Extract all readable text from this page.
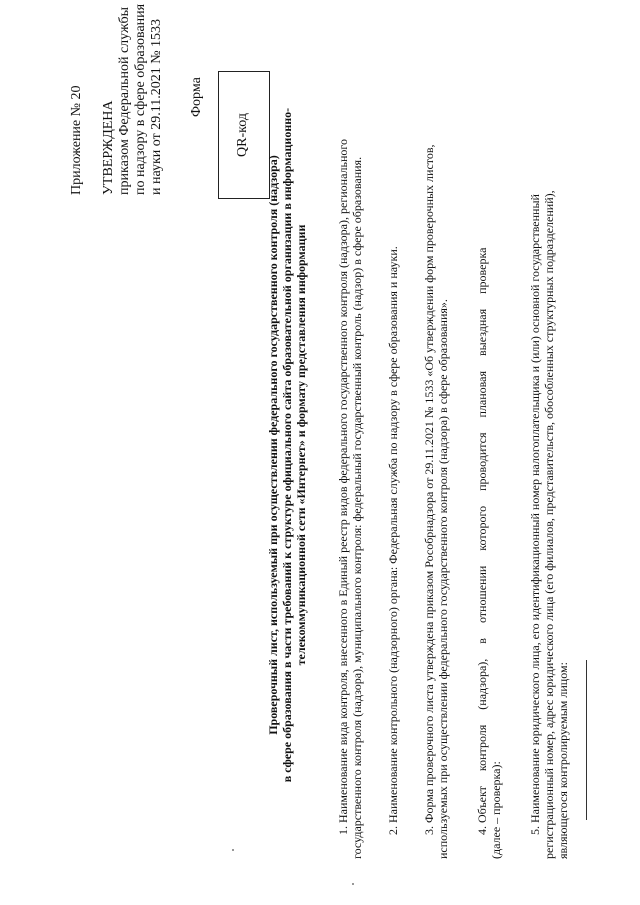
Приложение № 20 УТВЕРЖДЕНА приказом Федеральной службы по надзору в сфере образования и науки от 29.11.2021 № 1533 Форма
QR-код
Проверочный лист, используемый при осуществлении федерального государственного контроля (надзора) в сфере образования в части требований к структуре официального сайта образовательной организации в информационно- телекоммуникационной сети «Интернет» и формату представления информации 1. Наименование вида контроля, внесенного в Единый реестр видов федерального государственного контроля (надзора), регионального государственного контроля (надзора), муниципального контроля: федеральный государственный контроль (надзор) в сфере образования. 2. Наименование контрольного (надзорного) органа: Федеральная служба по надзору в сфере образования и науки. 3. Форма проверочного листа утверждена приказом Рособрнадзора от 29.11.2021 № 1533 «Об утверждении форм проверочных листов, используемых при осуществлении федерального государственного контроля (надзора) в сфере образования». 4. Объект     контроля     (надзора),     в     отношении     которого     проводится     плановая     выездная     проверка (далее – проверка): 5. Наименование юридического лица, его идентификационный номер налогоплательщика и (или) основной государственный регистрационный номер, адрес юридического лица (его филиалов, представительств, обособленных структурных подразделений), являющегося контролируемым лицом:
